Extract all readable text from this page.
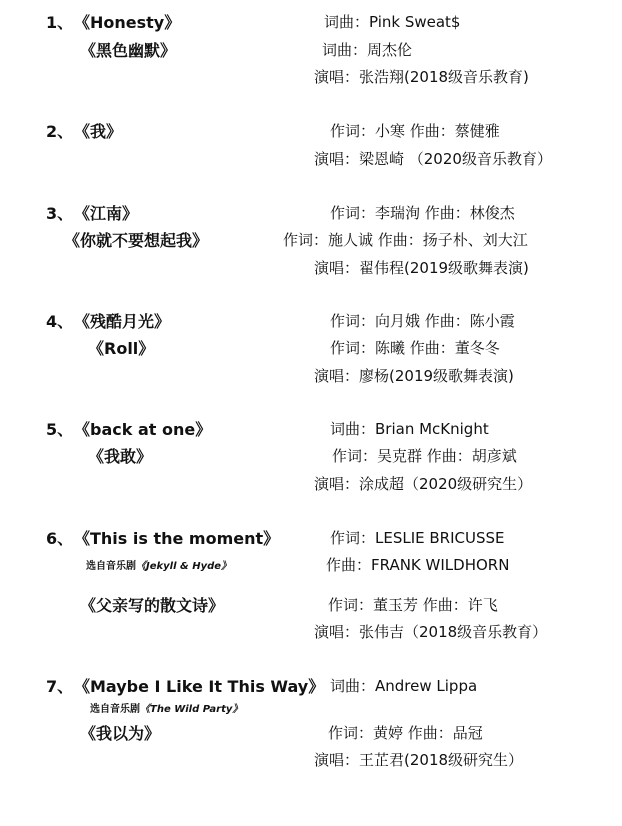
1、 《Honesty》	词曲：Pink Sweat$
《黑色幽默》	词曲：周杰伦
演唱：张浩翔(2018级音乐教育)
2、 《我》	作词：小寒 作曲：蔡健雅
演唱：梁恩崎 （2020级音乐教育）
3、 《江南》	作词：李瑞洵 作曲：林俊杰
《你就不要想起我》	作词：施人诚 作曲：扬子朴、刘大江
演唱：翟伟程(2019级歌舞表演)
4、 《残酷月光》	作词：向月娥 作曲：陈小霞
《Roll》	作词：陈曦 作曲：董冬冬
演唱：廖杨(2019级歌舞表演)
5、 《back at one》	词曲：Brian McKnight
《我敢》	作词：吴克群 作曲：胡彦斌
演唱：涂成超（2020级研究生）
6、 《This is the moment》	作词：LESLIE BRICUSSE
选自音乐剧《Jekyll & Hyde》	作曲：FRANK WILDHORN
《父亲写的散文诗》	作词：董玉芳 作曲：许飞
演唱：张伟吉（2018级音乐教育）
7、 《Maybe I Like It This Way》 词曲：Andrew Lippa
选自音乐剧《The Wild Party》
《我以为》	作词：黄婷 作曲：品冠
演唱：王芷君(2018级研究生）
